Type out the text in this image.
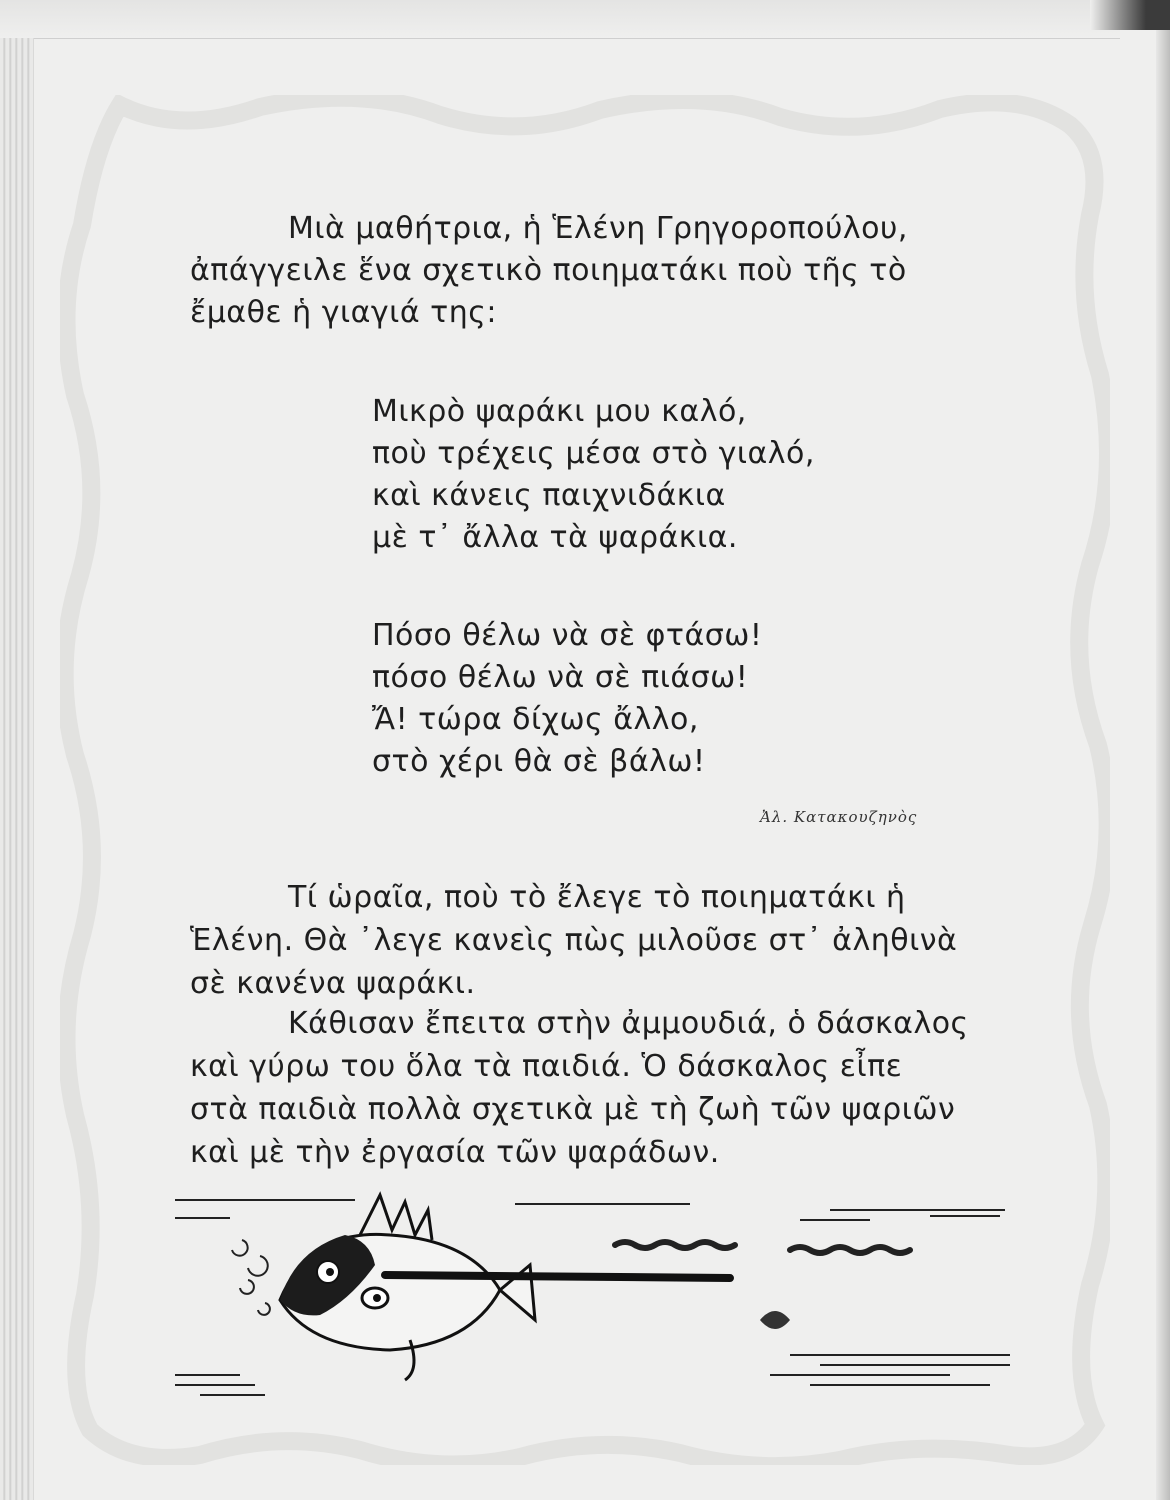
Μιὰ μαθήτρια, ἡ Ἑλένη Γρηγοροπούλου,
ἀπάγγειλε ἕνα σχετικὸ ποιηματάκι ποὺ τῆς τὸ
ἔμαθε ἡ γιαγιά της:
Μικρὸ ψαράκι μου καλό,
ποὺ τρέχεις μέσα στὸ γιαλό,
καὶ κάνεις παιχνιδάκια
μὲ τ᾿ ἄλλα τὰ ψαράκια.
Πόσο θέλω νὰ σὲ φτάσω!
πόσο θέλω νὰ σὲ πιάσω!
Ἄ! τώρα δίχως ἄλλο,
στὸ χέρι θὰ σὲ βάλω!
Ἀλ. Κατακουζηνὸς
Τί ὡραῖα, ποὺ τὸ ἔλεγε τὸ ποιηματάκι ἡ
Ἑλένη. Θὰ ᾿λεγε κανεὶς πὼς μιλοῦσε στ᾿ ἀληθινὰ
σὲ κανένα ψαράκι.
Κάθισαν ἔπειτα στὴν ἀμμουδιά, ὁ δάσκαλος
καὶ γύρω του ὅλα τὰ παιδιά. Ὁ δάσκαλος εἶπε
στὰ παιδιὰ πολλὰ σχετικὰ μὲ τὴ ζωὴ τῶν ψαριῶν
καὶ μὲ τὴν ἐργασία τῶν ψαράδων.
